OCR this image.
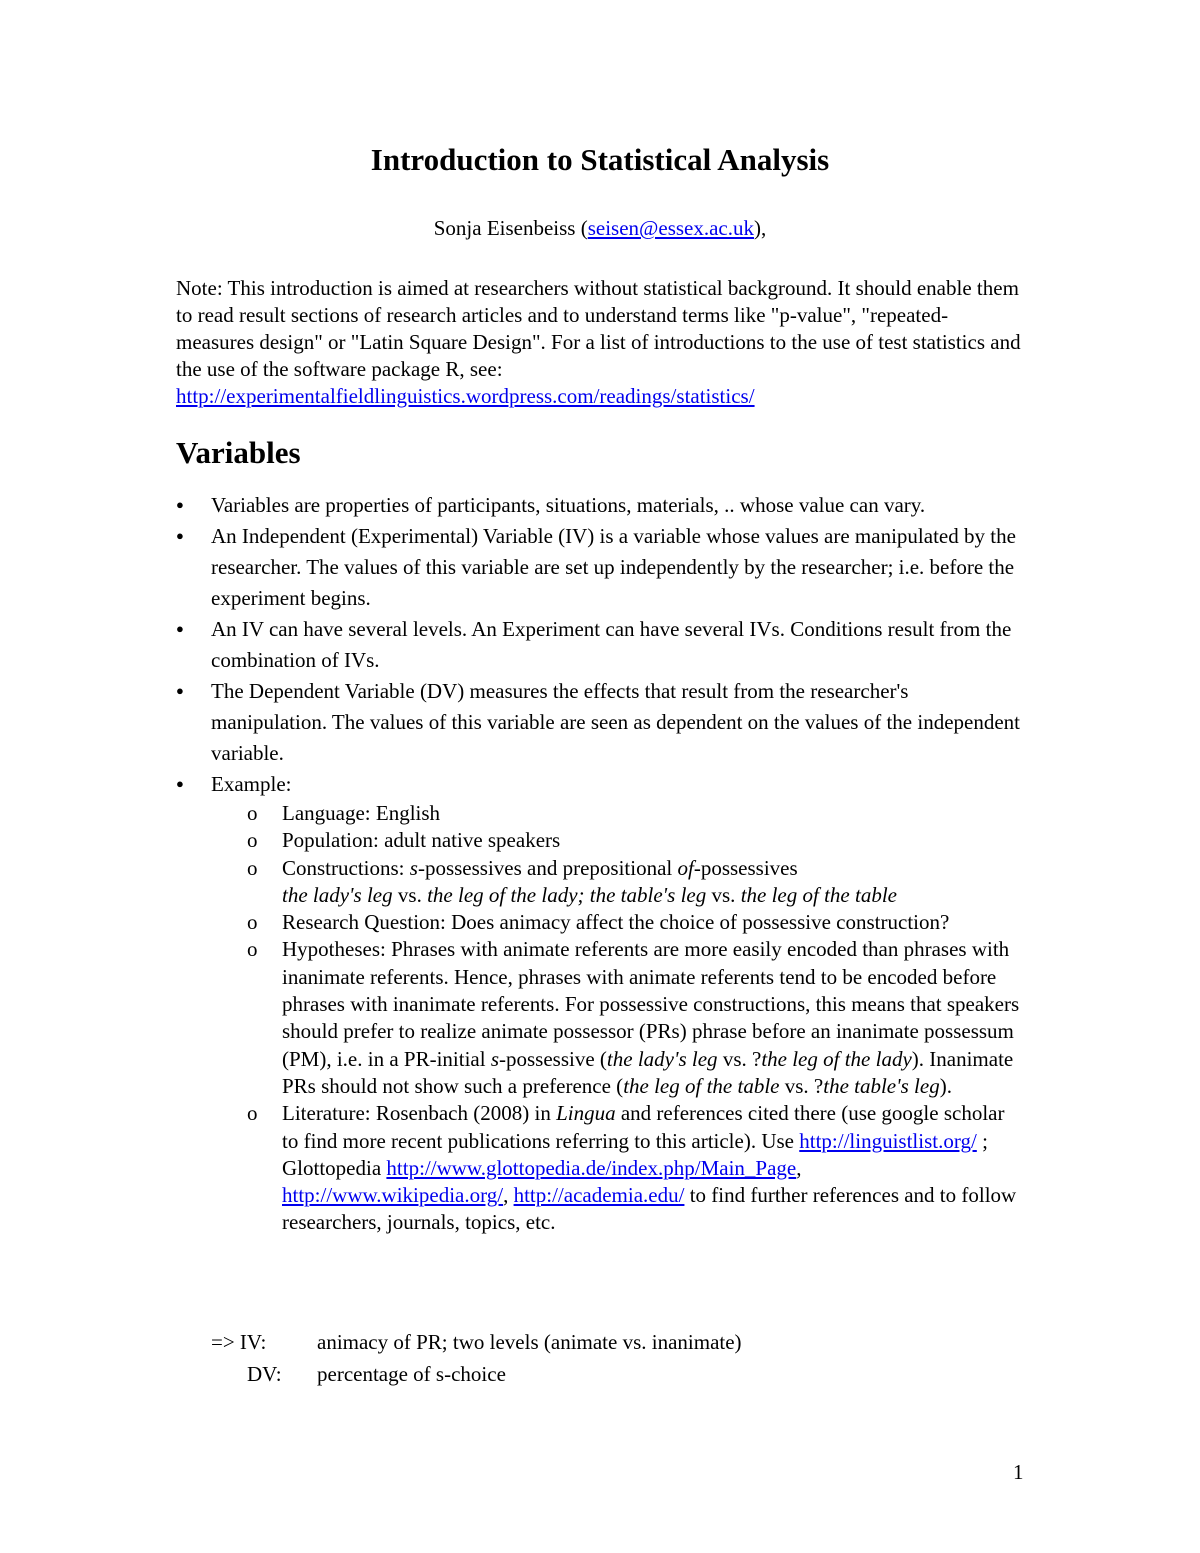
Introduction to Statistical Analysis
Sonja Eisenbeiss (seisen@essex.ac.uk),
Note: This introduction is aimed at researchers without statistical background. It should enable them to read result sections of research articles and to understand terms like "p-value", "repeated-measures design" or "Latin Square Design". For a list of introductions to the use of test statistics and the use of the software package R, see: http://experimentalfieldlinguistics.wordpress.com/readings/statistics/
Variables
●
Variables are properties of participants, situations, materials, .. whose value can vary.
●
An Independent (Experimental) Variable (IV) is a variable whose values are manipulated by the researcher. The values of this variable are set up independently by the researcher; i.e. before the experiment begins.
●
An IV can have several levels. An Experiment can have several IVs. Conditions result from the combination of IVs.
●
The Dependent Variable (DV) measures the effects that result from the researcher's manipulation. The values of this variable are seen as dependent on the values of the independent variable.
●
Example:
o Language: English
o Population: adult native speakers
o Constructions: s-possessives and prepositional of-possessives
the lady's leg vs. the leg of the lady; the table's leg vs. the leg of the table
o Research Question: Does animacy affect the choice of possessive construction?
o Hypotheses: Phrases with animate referents are more easily encoded than phrases with inanimate referents. Hence, phrases with animate referents tend to be encoded before phrases with inanimate referents. For possessive constructions, this means that speakers should prefer to realize animate possessor (PRs) phrase before an inanimate possessum (PM), i.e. in a PR-initial s-possessive (the lady's leg vs. ?the leg of the lady). Inanimate PRs should not show such a preference (the leg of the table vs. ?the table's leg).
o Literature: Rosenbach (2008) in Lingua and references cited there (use google scholar to find more recent publications referring to this article). Use http://linguistlist.org/ ; Glottopedia http://www.glottopedia.de/index.php/Main_Page, http://www.wikipedia.org/, http://academia.edu/ to find further references and to follow researchers, journals, topics, etc.
=> IV: animacy of PR; two levels (animate vs. inanimate)
DV: percentage of s-choice
1
